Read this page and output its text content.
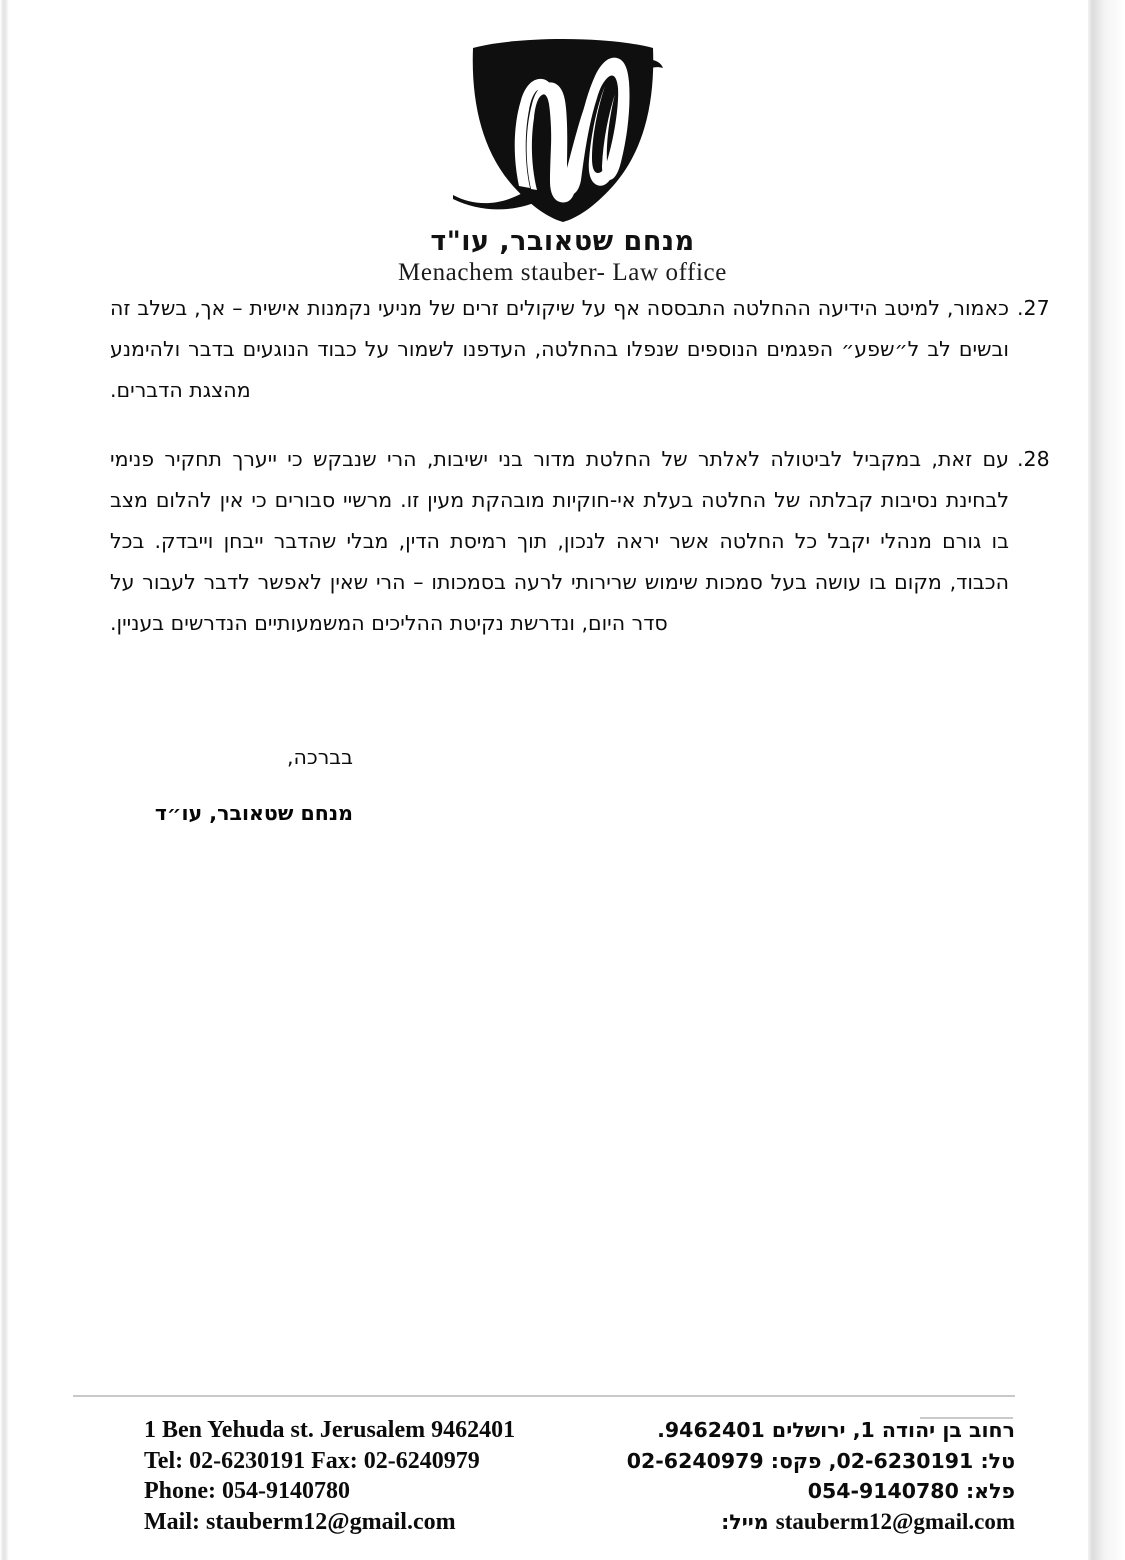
מנחם שטאובר, עו"ד
Menachem stauber- Law office
27.
כאמור, למיטב הידיעה ההחלטה התבססה אף על שיקולים זרים של מניעי נקמנות אישית – אך, בשלב זה ובשים לב ל״שפע״ הפגמים הנוספים שנפלו בהחלטה, העדפנו לשמור על כבוד הנוגעים בדבר ולהימנע מהצגת הדברים.
28.
עם זאת, במקביל לביטולה לאלתר של החלטת מדור בני ישיבות, הרי שנבקש כי ייערך תחקיר פנימי לבחינת נסיבות קבלתה של החלטה בעלת אי-חוקיות מובהקת מעין זו. מרשיי סבורים כי אין להלום מצב בו גורם מנהלי יקבל כל החלטה אשר יראה לנכון, תוך רמיסת הדין, מבלי שהדבר ייבחן וייבדק. בכל הכבוד, מקום בו עושה בעל סמכות שימוש שרירותי לרעה בסמכותו – הרי שאין לאפשר לדבר לעבור על סדר היום, ונדרשת נקיטת ההליכים המשמעותיים הנדרשים בעניין.
בברכה,
מנחם שטאובר, עו״ד
1 Ben Yehuda st. Jerusalem 9462401
Tel: 02-6230191 Fax: 02-6240979
Phone: 054-9140780
Mail: stauberm12@gmail.com
רחוב בן יהודה 1, ירושלים 9462401.
טל: 02-6230191, פקס: 02-6240979
פלא: 054-9140780
stauberm12@gmail.com מייל:
